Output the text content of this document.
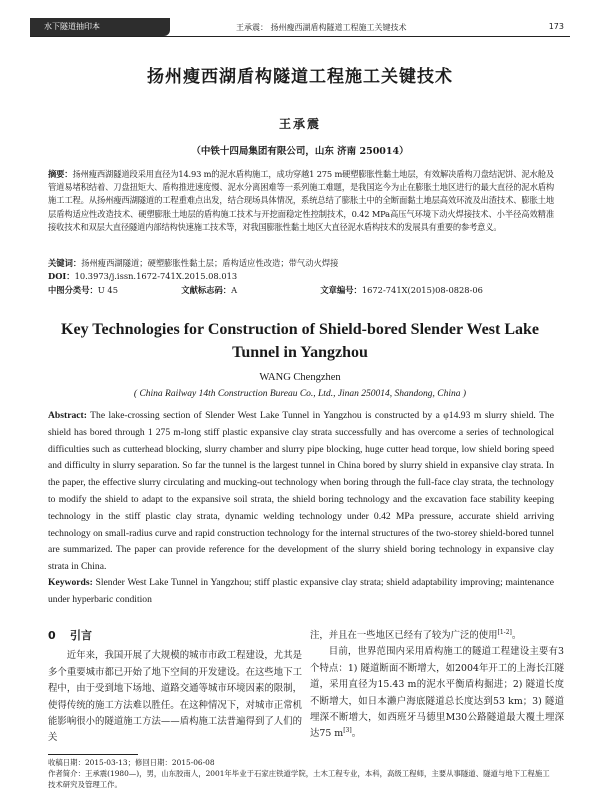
水下隧道抽印本	王承震： 扬州瘦西湖盾构隧道工程施工关键技术	173
扬州瘦西湖盾构隧道工程施工关键技术
王承震
（中铁十四局集团有限公司，山东 济南 250014）
摘要：扬州瘦西湖隧道段采用直径为14.93 m的泥水盾构施工，成功穿越1 275 m硬塑膨胀性黏土地层，有效解决盾构刀盘结泥饼、泥水舱及管道易堵积结着、刀盘扭矩大、盾构推进速度慢、泥水分离困难等一系列施工难题，是我国迄今为止在膨胀土地区进行的最大直径的泥水盾构施工工程。从扬州瘦西湖隧道的工程重难点出发，结合现场具体情况，系统总结了膨胀土中的全断面黏土地层高效环流及出渣技术、膨胀土地层盾构适应性改造技术、硬塑膨胀土地层的盾构施工技术与开挖面稳定性控制技术，0.42 MPa高压气环境下动火焊接技术、小半径高效精准接收技术和双层大直径隧道内部结构快速施工技术等，对我国膨胀性黏土地区大直径泥水盾构技术的发展具有重要的参考意义。
关键词：扬州瘦西湖隧道；硬塑膨胀性黏土层；盾构适应性改造；带气动火焊接
DOI：10.3973/j.issn.1672-741X.2015.08.013
中图分类号：U 45	文献标志码：A	文章编号：1672-741X(2015)08-0828-06
Key Technologies for Construction of Shield-bored Slender West Lake Tunnel in Yangzhou
WANG Chengzhen
( China Railway 14th Construction Bureau Co., Ltd., Jinan 250014, Shandong, China )
Abstract: The lake-crossing section of Slender West Lake Tunnel in Yangzhou is constructed by a φ14.93 m slurry shield. The shield has bored through 1 275 m-long stiff plastic expansive clay strata successfully and has overcome a series of technological difficulties such as cutterhead blocking, slurry chamber and slurry pipe blocking, huge cutter head torque, low shield boring speed and difficulty in slurry separation. So far the tunnel is the largest tunnel in China bored by slurry shield in expansive clay strata. In the paper, the effective slurry circulating and mucking-out technology when boring through the full-face clay strata, the technology to modify the shield to adapt to the expansive soil strata, the shield boring technology and the excavation face stability keeping technology in the stiff plastic clay strata, dynamic welding technology under 0.42 MPa pressure, accurate shield arriving technology on small-radius curve and rapid construction technology for the internal structures of the two-storey shield-bored tunnel are summarized. The paper can provide reference for the development of the slurry shield boring technology in expansive clay strata in China.
Keywords: Slender West Lake Tunnel in Yangzhou; stiff plastic expansive clay strata; shield adaptability improving; maintenance under hyperbaric condition
0 引言

近年来，我国开展了大规模的城市市政工程建设，尤其是多个重要城市都已开始了地下空间的开发建设。在这些地下工程中，由于受到地下场地、道路交通等城市环境因素的限制，使得传统的施工方法难以胜任。在这种情况下，对城市正常机能影响很小的隧道施工方法——盾构施工法普遍得到了人们的关

注，并且在一些地区已经有了较为广泛的使用[1-2]。

目前，世界范围内采用盾构施工的隧道工程建设主要有3个特点：1) 隧道断面不断增大，如2004年开工的上海长江隧道，采用直径为15.43 m的泥水平衡盾构掘进；2) 隧道长度不断增大，如日本濑户海底隧道总长度达到53 km；3) 隧道埋深不断增大，如西班牙马德里M30公路隧道最大覆土埋深达75 m[3]。

收稿日期：2015-03-13；修回日期：2015-06-08
作者简介：王承震(1980—)，男，山东胶南人，2001年毕业于石家庄铁道学院，土木工程专业，本科，高级工程师，主要从事隧道、隧道与地下工程施工技术研究及管理工作。
